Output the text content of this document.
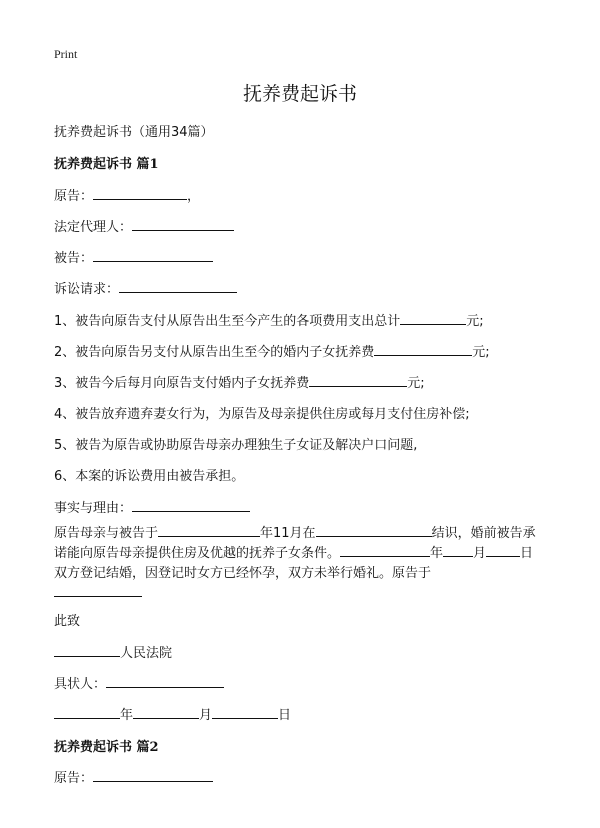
Print
抚养费起诉书
抚养费起诉书（通用34篇）
抚养费起诉书 篇1
原告：	，
法定代理人：
被告：
诉讼请求：
1、被告向原告支付从原告出生至今产生的各项费用支出总计	元;
2、被告向原告另支付从原告出生至今的婚内子女抚养费	元;
3、被告今后每月向原告支付婚内子女抚养费	元;
4、被告放弃遗弃妻女行为，为原告及母亲提供住房或每月支付住房补偿;
5、被告为原告或协助原告母亲办理独生子女证及解决户口问题,
6、本案的诉讼费用由被告承担。
事实与理由：
原告母亲与被告于	年11月在	结识，婚前被告承诺能向原告母亲提供住房及优越的抚养子女条件。	年 月	日双方登记结婚，因登记时女方已经怀孕，双方未举行婚礼。原告于

此致
人民法院
具状人：
年	月	日
抚养费起诉书 篇2
原告：
